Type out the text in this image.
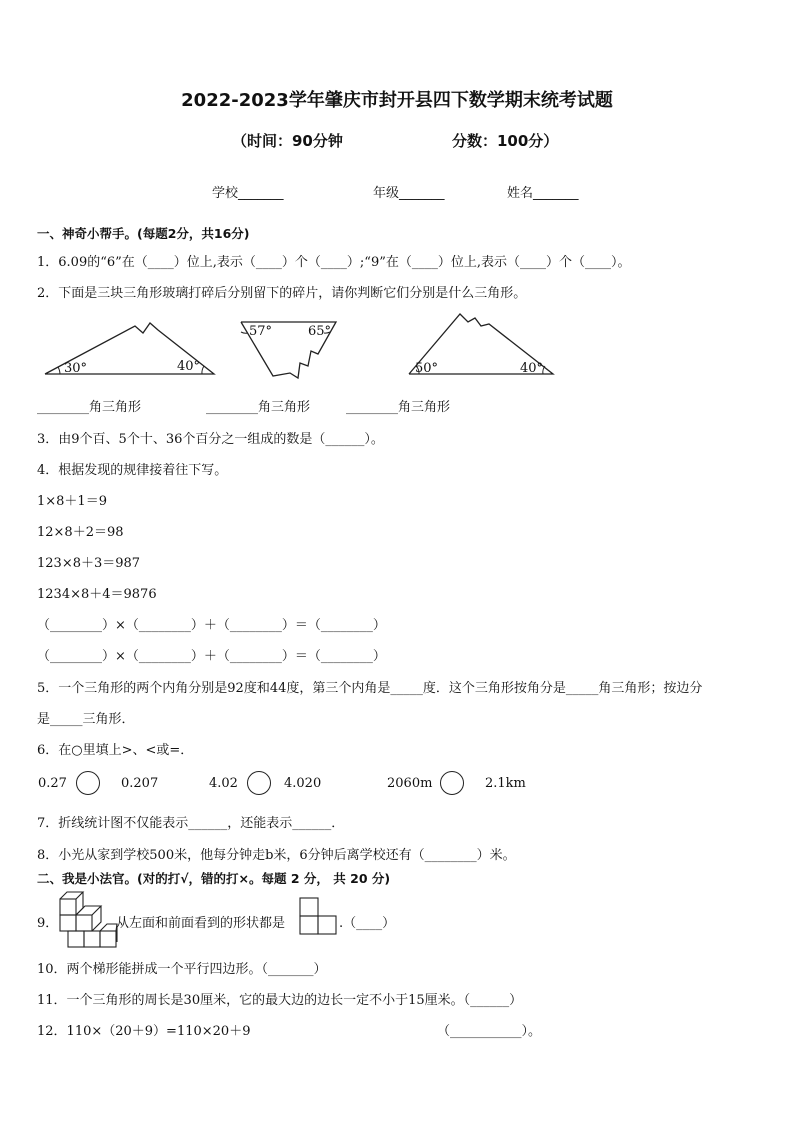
2022-2023学年肇庆市封开县四下数学期末统考试题
（时间：90分钟	分数：100分）
学校_______	年级_______	姓名_______
一、神奇小帮手。(每题2分，共16分)
1．6.09的“6”在（____）位上,表示（____）个（____）;“9”在（____）位上,表示（____）个（____）。
2．下面是三块三角形玻璃打碎后分别留下的碎片，请你判断它们分别是什么三角形。
30°	40°
57°	65°
50°	40°
________角三角形	________角三角形	________角三角形
3．由9个百、5个十、36个百分之一组成的数是（______）。
4．根据发现的规律接着往下写。
1×8＋1＝9
12×8＋2＝98
123×8＋3＝987
1234×8＋4＝9876
（________）×（________）＋（________）＝（________）
（________）×（________）＋（________）＝（________）
5．一个三角形的两个内角分别是92度和44度，第三个内角是_____度．这个三角形按角分是_____角三角形；按边分
是_____三角形．
6．在○里填上>、<或=．
0.27	0.207	4.02	4.020	2060m	2.1km
7．折线统计图不仅能表示______，还能表示______．
8．小光从家到学校500米，他每分钟走b米，6分钟后离学校还有（________）米。
二、我是小法官。(对的打√，错的打×。每题 2 分， 共 20 分)
9．	从左面和前面看到的形状都是	.（____）
10．两个梯形能拼成一个平行四边形。（_______）
11．一个三角形的周长是30厘米，它的最大边的边长一定不小于15厘米。（______）
12．110×（20＋9）=110×20＋9	（___________）。
